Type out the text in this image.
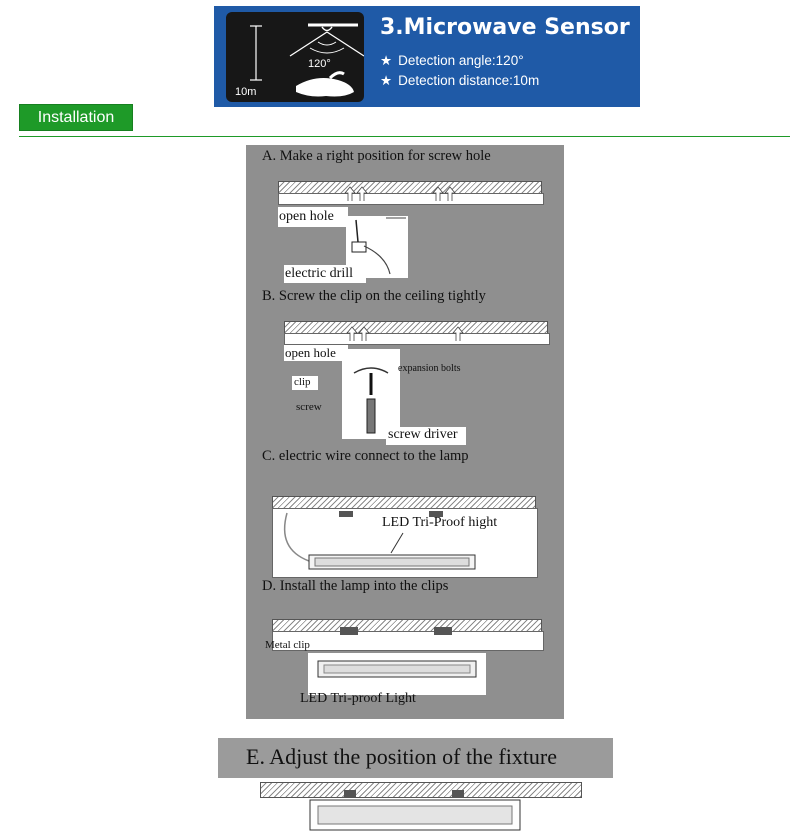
120°
10m
3.Microwave Sensor
★ Detection angle:120°
★ Detection distance:10m
Installation
A. Make a right position for screw hole
open hole
electric drill
B. Screw the clip on the ceiling tightly
open hole
expansion bolts
clip
screw
screw driver
C. electric wire connect to the lamp
LED Tri-Proof hight
D. Install the lamp into the clips
Metal clip
LED Tri-proof Light
E. Adjust the position of the fixture
